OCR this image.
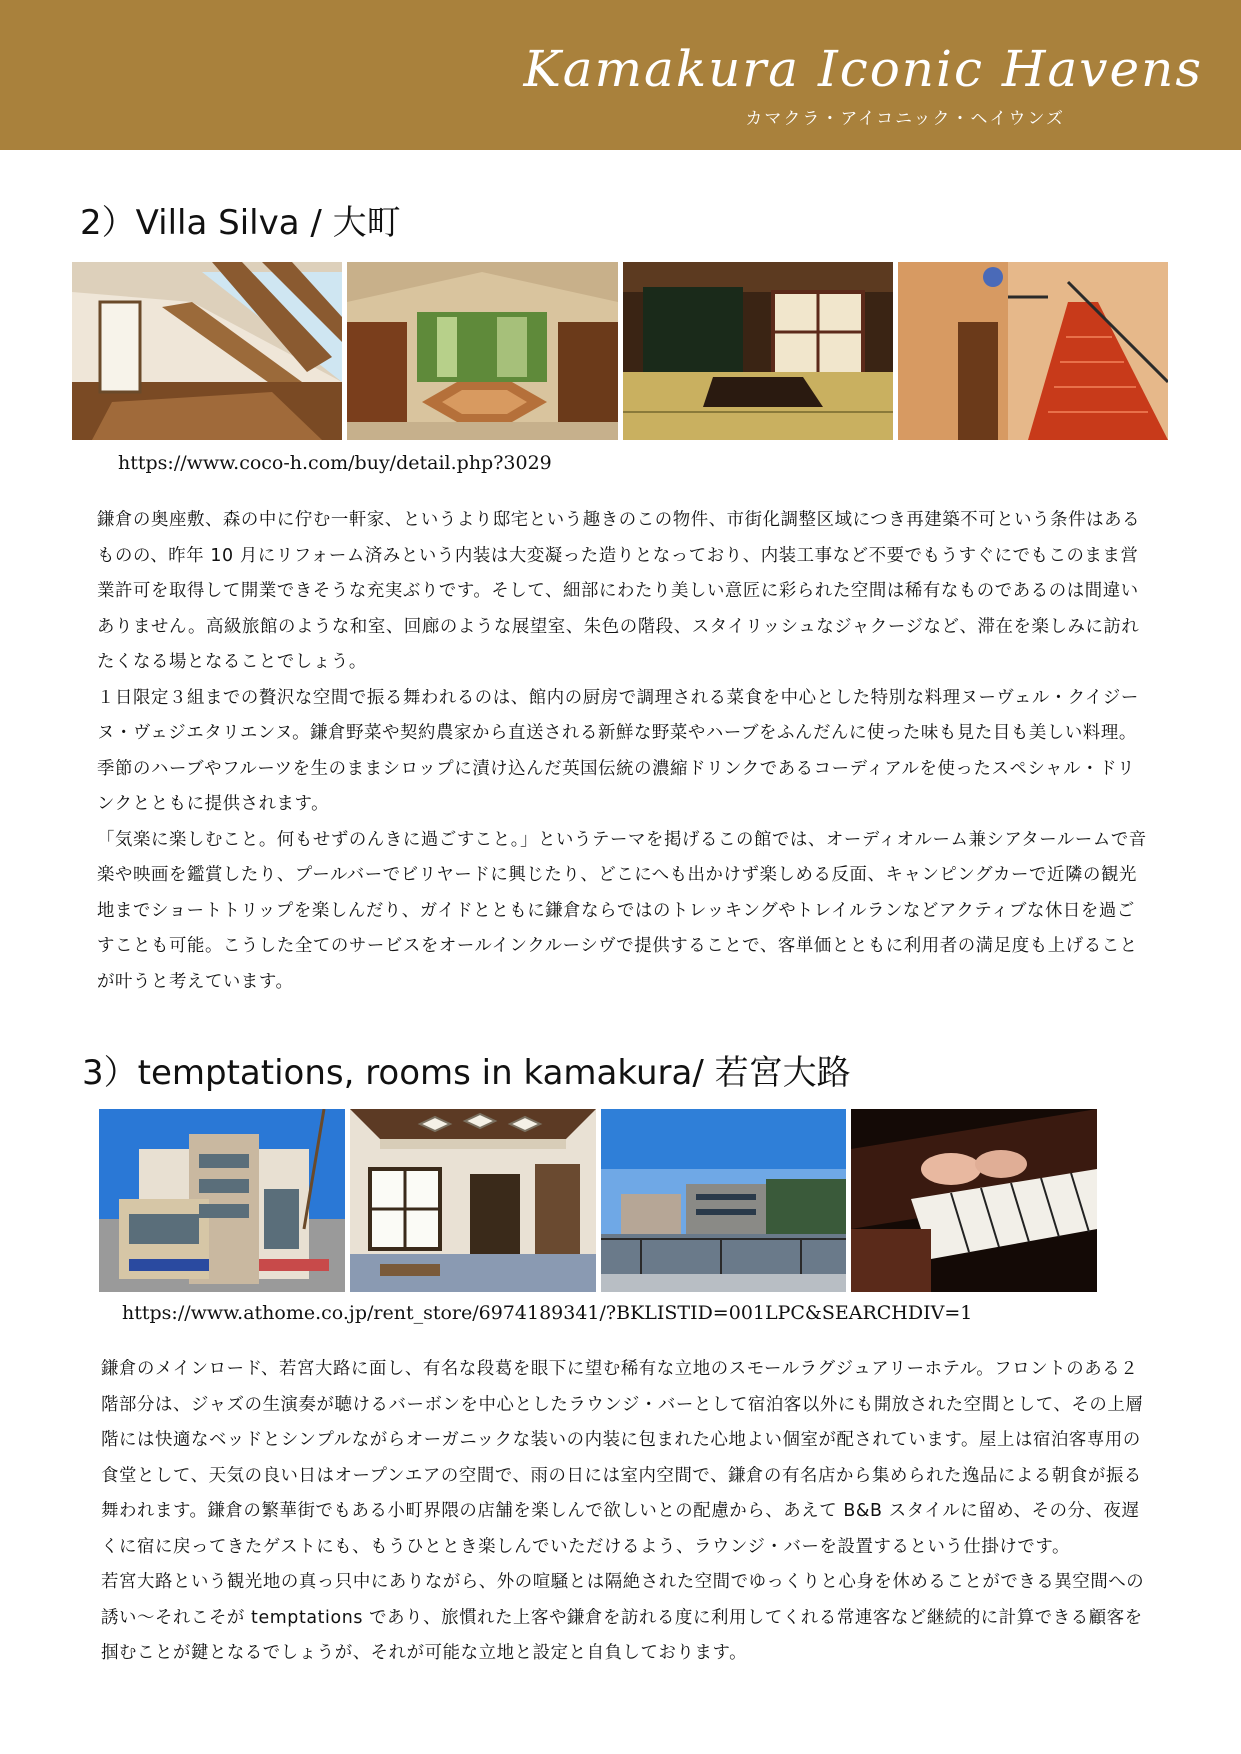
Kamakura Iconic Havens
カマクラ・アイコニック・ヘイウンズ
2）Villa Silva / 大町
https://www.coco-h.com/buy/detail.php?3029

鎌倉の奥座敷、森の中に佇む一軒家、というより邸宅という趣きのこの物件、市街化調整区域につき再建築不可という条件はあるものの、昨年 10 月にリフォーム済みという内装は大変凝った造りとなっており、内装工事など不要でもうすぐにでもこのまま営業許可を取得して開業できそうな充実ぶりです。そして、細部にわたり美しい意匠に彩られた空間は稀有なものであるのは間違いありません。高級旅館のような和室、回廊のような展望室、朱色の階段、スタイリッシュなジャクージなど、滞在を楽しみに訪れたくなる場となることでしょう。

１日限定３組までの贅沢な空間で振る舞われるのは、館内の厨房で調理される菜食を中心とした特別な料理ヌーヴェル・クイジーヌ・ヴェジエタリエンヌ。鎌倉野菜や契約農家から直送される新鮮な野菜やハーブをふんだんに使った味も見た目も美しい料理。季節のハーブやフルーツを生のままシロップに漬け込んだ英国伝統の濃縮ドリンクであるコーディアルを使ったスペシャル・ドリンクとともに提供されます。

「気楽に楽しむこと。何もせずのんきに過ごすこと。」というテーマを掲げるこの館では、オーディオルーム兼シアタールームで音楽や映画を鑑賞したり、プールバーでビリヤードに興じたり、どこにへも出かけず楽しめる反面、キャンピングカーで近隣の観光地までショートトリップを楽しんだり、ガイドとともに鎌倉ならではのトレッキングやトレイルランなどアクティブな休日を過ごすことも可能。こうした全てのサービスをオールインクルーシヴで提供することで、客単価とともに利用者の満足度も上げることが叶うと考えています。

3）temptations, rooms in kamakura/ 若宮大路
https://www.athome.co.jp/rent_store/6974189341/?BKLISTID=001LPC&SEARCHDIV=1

鎌倉のメインロード、若宮大路に面し、有名な段葛を眼下に望む稀有な立地のスモールラグジュアリーホテル。フロントのある２階部分は、ジャズの生演奏が聴けるバーボンを中心としたラウンジ・バーとして宿泊客以外にも開放された空間として、その上層階には快適なベッドとシンプルながらオーガニックな装いの内装に包まれた心地よい個室が配されています。屋上は宿泊客専用の食堂として、天気の良い日はオープンエアの空間で、雨の日には室内空間で、鎌倉の有名店から集められた逸品による朝食が振る舞われます。鎌倉の繁華街でもある小町界隈の店舗を楽しんで欲しいとの配慮から、あえて B&B スタイルに留め、その分、夜遅くに宿に戻ってきたゲストにも、もうひととき楽しんでいただけるよう、ラウンジ・バーを設置するという仕掛けです。

若宮大路という観光地の真っ只中にありながら、外の喧騒とは隔絶された空間でゆっくりと心身を休めることができる異空間への誘い～それこそが temptations であり、旅慣れた上客や鎌倉を訪れる度に利用してくれる常連客など継続的に計算できる顧客を掴むことが鍵となるでしょうが、それが可能な立地と設定と自負しております。
